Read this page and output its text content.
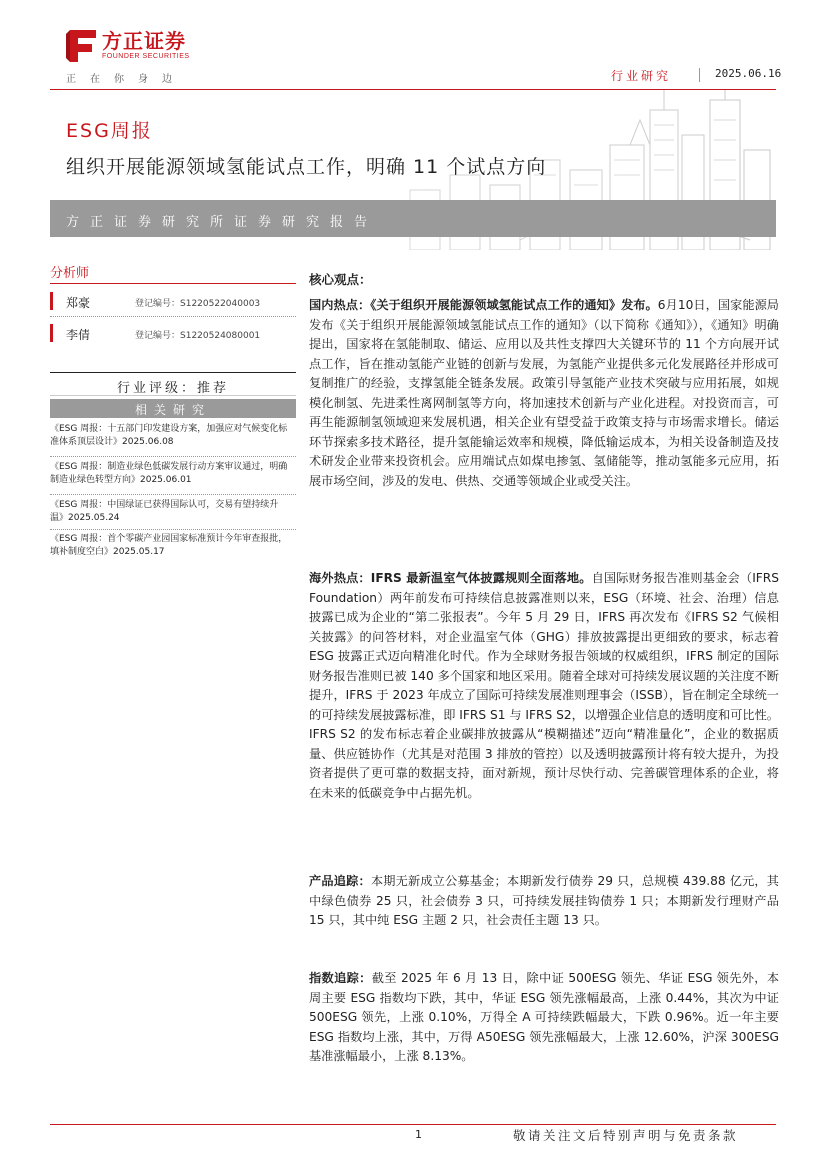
方正证券
FOUNDER SECURITIES
正在你身边	行业研究	2025.06.16
ESG周报
组织开展能源领域氢能试点工作，明确 11 个试点方向
方正证券研究所证券研究报告
分析师
郑豪	登记编号：S1220522040003
李倩	登记编号：S1220524080001
行业评级：推荐
相关研究
《ESG 周报：十五部门印发建设方案，加强应对气候变化标准体系顶层设计》2025.06.08
《ESG 周报：制造业绿色低碳发展行动方案审议通过，明确制造业绿色转型方向》2025.06.01
《ESG 周报：中国绿证已获得国际认可，交易有望持续升温》2025.05.24
《ESG 周报：首个零碳产业园国家标准预计今年审查报批，填补制度空白》2025.05.17
核心观点：
国内热点：《关于组织开展能源领域氢能试点工作的通知》发布。6月10日，国家能源局发布《关于组织开展能源领域氢能试点工作的通知》（以下简称《通知》），《通知》明确提出，国家将在氢能制取、储运、应用以及共性支撑四大关键环节的 11 个方向展开试点工作，旨在推动氢能产业链的创新与发展，为氢能产业提供多元化发展路径并形成可复制推广的经验，支撑氢能全链条发展。政策引导氢能产业技术突破与应用拓展，如规模化制氢、先进柔性离网制氢等方向，将加速技术创新与产业化进程。对投资而言，可再生能源制氢领域迎来发展机遇，相关企业有望受益于政策支持与市场需求增长。储运环节探索多技术路径，提升氢能输运效率和规模，降低输运成本，为相关设备制造及技术研发企业带来投资机会。应用端试点如煤电掺氢、氢储能等，推动氢能多元应用，拓展市场空间，涉及的发电、供热、交通等领域企业或受关注。
海外热点：IFRS 最新温室气体披露规则全面落地。自国际财务报告准则基金会（IFRS Foundation）两年前发布可持续信息披露准则以来，ESG（环境、社会、治理）信息披露已成为企业的“第二张报表”。今年 5 月 29 日，IFRS 再次发布《IFRS S2 气候相关披露》的问答材料，对企业温室气体（GHG）排放披露提出更细致的要求，标志着 ESG 披露正式迈向精准化时代。作为全球财务报告领域的权威组织，IFRS 制定的国际财务报告准则已被 140 多个国家和地区采用。随着全球对可持续发展议题的关注度不断提升，IFRS 于 2023 年成立了国际可持续发展准则理事会（ISSB），旨在制定全球统一的可持续发展披露标准，即 IFRS S1 与 IFRS S2，以增强企业信息的透明度和可比性。IFRS S2 的发布标志着企业碳排放披露从“模糊描述”迈向“精准量化”，企业的数据质量、供应链协作（尤其是对范围 3 排放的管控）以及透明披露预计将有较大提升，为投资者提供了更可靠的数据支持，面对新规，预计尽快行动、完善碳管理体系的企业，将在未来的低碳竞争中占据先机。
产品追踪：本期无新成立公募基金；本期新发行债券 29 只，总规模 439.88 亿元，其中绿色债券 25 只，社会债券 3 只，可持续发展挂钩债券 1 只；本期新发行理财产品 15 只，其中纯 ESG 主题 2 只，社会责任主题 13 只。
指数追踪：截至 2025 年 6 月 13 日，除中证 500ESG 领先、华证 ESG 领先外，本周主要 ESG 指数均下跌，其中，华证 ESG 领先涨幅最高，上涨 0.44%，其次为中证 500ESG 领先，上涨 0.10%，万得全 A 可持续跌幅最大，下跌 0.96%。近一年主要 ESG 指数均上涨，其中，万得 A50ESG 领先涨幅最大，上涨 12.60%，沪深 300ESG 基准涨幅最小，上涨 8.13%。
1	敬请关注文后特别声明与免责条款
